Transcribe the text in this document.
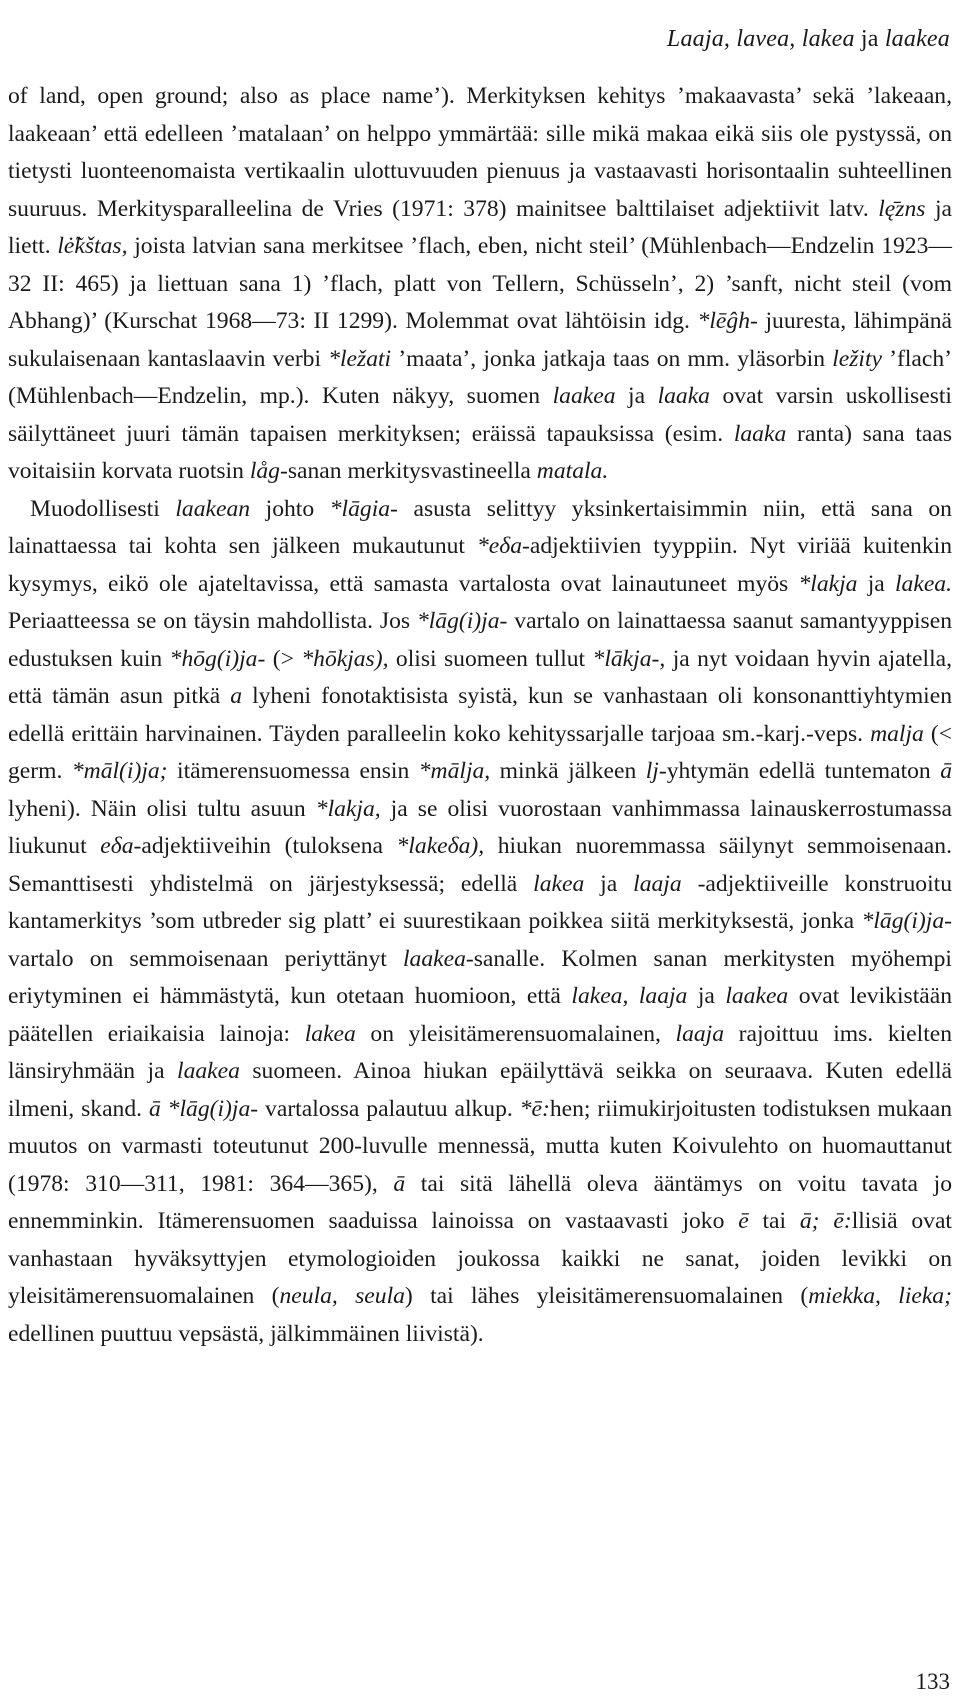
Laaja, lavea, lakea ja laakea

of land, open ground; also as place name’). Merkityksen kehitys ’makaavasta’ sekä ’lakeaan, laakeaan’ että edelleen ’matalaan’ on helppo ymmärtää: sille mikä makaa eikä siis ole pystyssä, on tietysti luonteenomaista vertikaalin ulottuvuuden pienuus ja vastaavasti horisontaalin suhteellinen suuruus. Merkitysparalleelina de Vries (1971: 378) mainitsee balttilaiset adjektiivit latv. lę̄zns ja liett. lė̃kštas, joista latvian sana merkitsee ’flach, eben, nicht steil’ (Mühlenbach—Endzelin 1923—32 II: 465) ja liettuan sana 1) ’flach, platt von Tellern, Schüsseln’, 2) ’sanft, nicht steil (vom Abhang)’ (Kurschat 1968—73: II 1299). Molemmat ovat lähtöisin idg. *lēĝh- juuresta, lähimpänä sukulaisenaan kantaslaavin verbi *ležati ’maata’, jonka jatkaja taas on mm. yläsorbin ležity ’flach’ (Mühlenbach—Endzelin, mp.). Kuten näkyy, suomen laakea ja laaka ovat varsin uskollisesti säilyttäneet juuri tämän tapaisen merkityksen; eräissä tapauksissa (esim. laaka ranta) sana taas voitaisiin korvata ruotsin låg-sanan merkitysvastineella matala.

Muodollisesti laakean johto *lāgia- asusta selittyy yksinkertaisimmin niin, että sana on lainattaessa tai kohta sen jälkeen mukautunut *eδa-adjektiivien tyyppiin. Nyt viriää kuitenkin kysymys, eikö ole ajateltavissa, että samasta vartalosta ovat lainautuneet myös *lakja ja lakea. Periaatteessa se on täysin mahdollista. Jos *lāg(i)ja- vartalo on lainattaessa saanut samantyyppisen edustuksen kuin *hōg(i)ja- (> *hōkjas), olisi suomeen tullut *lākja-, ja nyt voidaan hyvin ajatella, että tämän asun pitkä a lyheni fonotaktisista syistä, kun se vanhastaan oli konsonanttiyhtymien edellä erittäin harvinainen. Täyden paralleelin koko kehityssarjalle tarjoaa sm.-karj.-veps. malja (< germ. *māl(i)ja; itämerensuomessa ensin *mālja, minkä jälkeen lj-yhtymän edellä tuntematon ā lyheni). Näin olisi tultu asuun *lakja, ja se olisi vuorostaan vanhimmassa lainauskerrostumassa liukunut eδa-adjektiiveihin (tuloksena *lakeδa), hiukan nuoremmassa säilynyt semmoisenaan. Semanttisesti yhdistelmä on järjestyksessä; edellä lakea ja laaja -adjektiiveille konstruoitu kantamerkitys ’som utbreder sig platt’ ei suurestikaan poikkea siitä merkityksestä, jonka *lāg(i)ja- vartalo on semmoisenaan periyttänyt laakea-sanalle. Kolmen sanan merkitysten myöhempi eriytyminen ei hämmästytä, kun otetaan huomioon, että lakea, laaja ja laakea ovat levikistään päätellen eriaikaisia lainoja: lakea on yleisitämerensuomalainen, laaja rajoittuu ims. kielten länsiryhmään ja laakea suomeen. Ainoa hiukan epäilyttävä seikka on seuraava. Kuten edellä ilmeni, skand. ā *lāg(i)ja- vartalossa palautuu alkup. *ē:hen; riimukirjoitusten todistuksen mukaan muutos on varmasti toteutunut 200-luvulle mennessä, mutta kuten Koivulehto on huomauttanut (1978: 310—311, 1981: 364—365), ā tai sitä lähellä oleva ääntämys on voitu tavata jo ennemminkin. Itämerensuomen saaduissa lainoissa on vastaavasti joko ē tai ā; ē:llisiä ovat vanhastaan hyväksyttyjen etymologioiden joukossa kaikki ne sanat, joiden levikki on yleisitämerensuomalainen (neula, seula) tai lähes yleisitämerensuomalainen (miekka, lieka; edellinen puuttuu vepsästä, jälkimmäinen liivistä).

133
